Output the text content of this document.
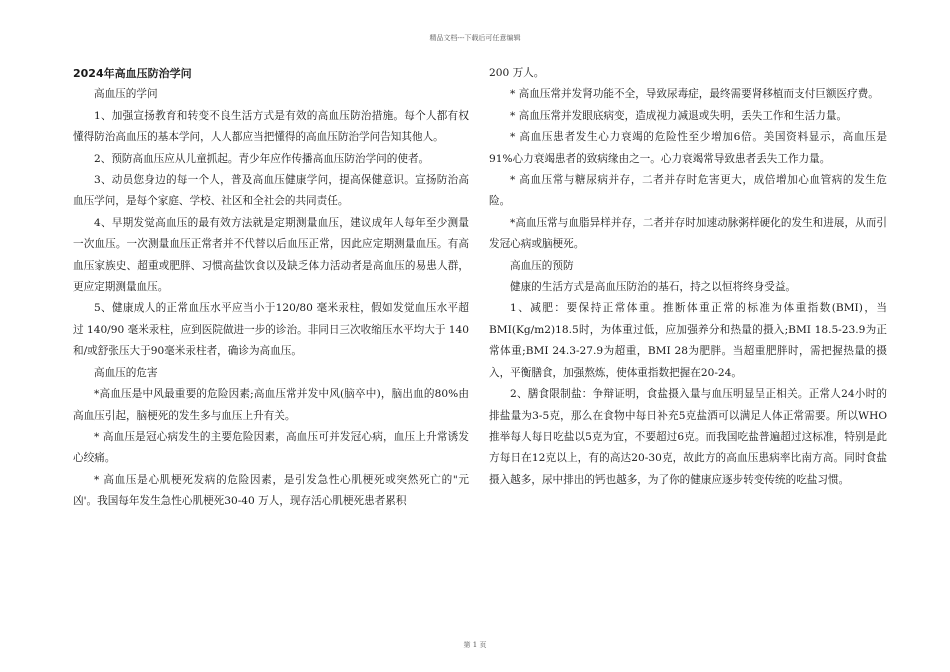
精品文档---下载后可任意编辑

2024年高血压防治学问

高血压的学问

1、加强宣扬教育和转变不良生活方式是有效的高血压防治措施。每个人都有权懂得防治高血压的基本学问，人人都应当把懂得的高血压防治学问告知其他人。

2、预防高血压应从儿童抓起。青少年应作传播高血压防治学问的使者。

3、动员您身边的每一个人，普及高血压健康学问，提高保健意识。宣扬防治高血压学问，是每个家庭、学校、社区和全社会的共同责任。

4、早期发觉高血压的最有效方法就是定期测量血压，建议成年人每年至少测量一次血压。一次测量血压正常者并不代替以后血压正常，因此应定期测量血压。有高血压家族史、超重或肥胖、习惯高盐饮食以及缺乏体力活动者是高血压的易患人群，更应定期测量血压。

5、健康成人的正常血压水平应当小于120/80 毫米汞柱，假如发觉血压水平超过 140/90 毫米汞柱，应到医院做进一步的诊治。非同日三次收缩压水平均大于 140 和/或舒张压大于90毫米汞柱者，确诊为高血压。

高血压的危害

*高血压是中风最重要的危险因素;高血压常并发中风(脑卒中)，脑出血的80%由高血压引起，脑梗死的发生多与血压上升有关。

* 高血压是冠心病发生的主要危险因素，高血压可并发冠心病，血压上升常诱发心绞痛。

* 高血压是心肌梗死发病的危险因素，是引发急性心肌梗死或突然死亡的"元凶'。我国每年发生急性心肌梗死30-40 万人，现存活心肌梗死患者累积

200 万人。

* 高血压常并发肾功能不全，导致尿毒症，最终需要肾移植而支付巨额医疗费。

* 高血压常并发眼底病变，造成视力减退或失明，丢失工作和生活力量。

* 高血压患者发生心力衰竭的危险性至少增加6倍。美国资料显示，高血压是91%心力衰竭患者的致病缘由之一。心力衰竭常导致患者丢失工作力量。

* 高血压常与糖尿病并存，二者并存时危害更大，成倍增加心血管病的发生危险。

*高血压常与血脂异样并存，二者并存时加速动脉粥样硬化的发生和进展，从而引发冠心病或脑梗死。

高血压的预防

健康的生活方式是高血压防治的基石，持之以恒将终身受益。

1、减肥：要保持正常体重。推断体重正常的标准为体重指数(BMI)，当BMI(Kg/m2)18.5时，为体重过低，应加强养分和热量的摄入;BMI 18.5-23.9为正常体重;BMI 24.3-27.9为超重，BMI 28为肥胖。当超重肥胖时，需把握热量的摄入，平衡膳食，加强熬炼，使体重指数把握在20-24。

2、膳食限制盐：争辩证明，食盐摄入量与血压明显呈正相关。正常人24小时的排盐量为3-5克，那么在食物中每日补充5克盐酒可以满足人体正常需要。所以WHO推举每人每日吃盐以5克为宜，不要超过6克。而我国吃盐普遍超过这标准，特别是此方每日在12克以上，有的高达20-30克，故此方的高血压患病率比南方高。同时食盐摄入越多，尿中排出的钙也越多，为了你的健康应逐步转变传统的吃盐习惯。

第 1 页
